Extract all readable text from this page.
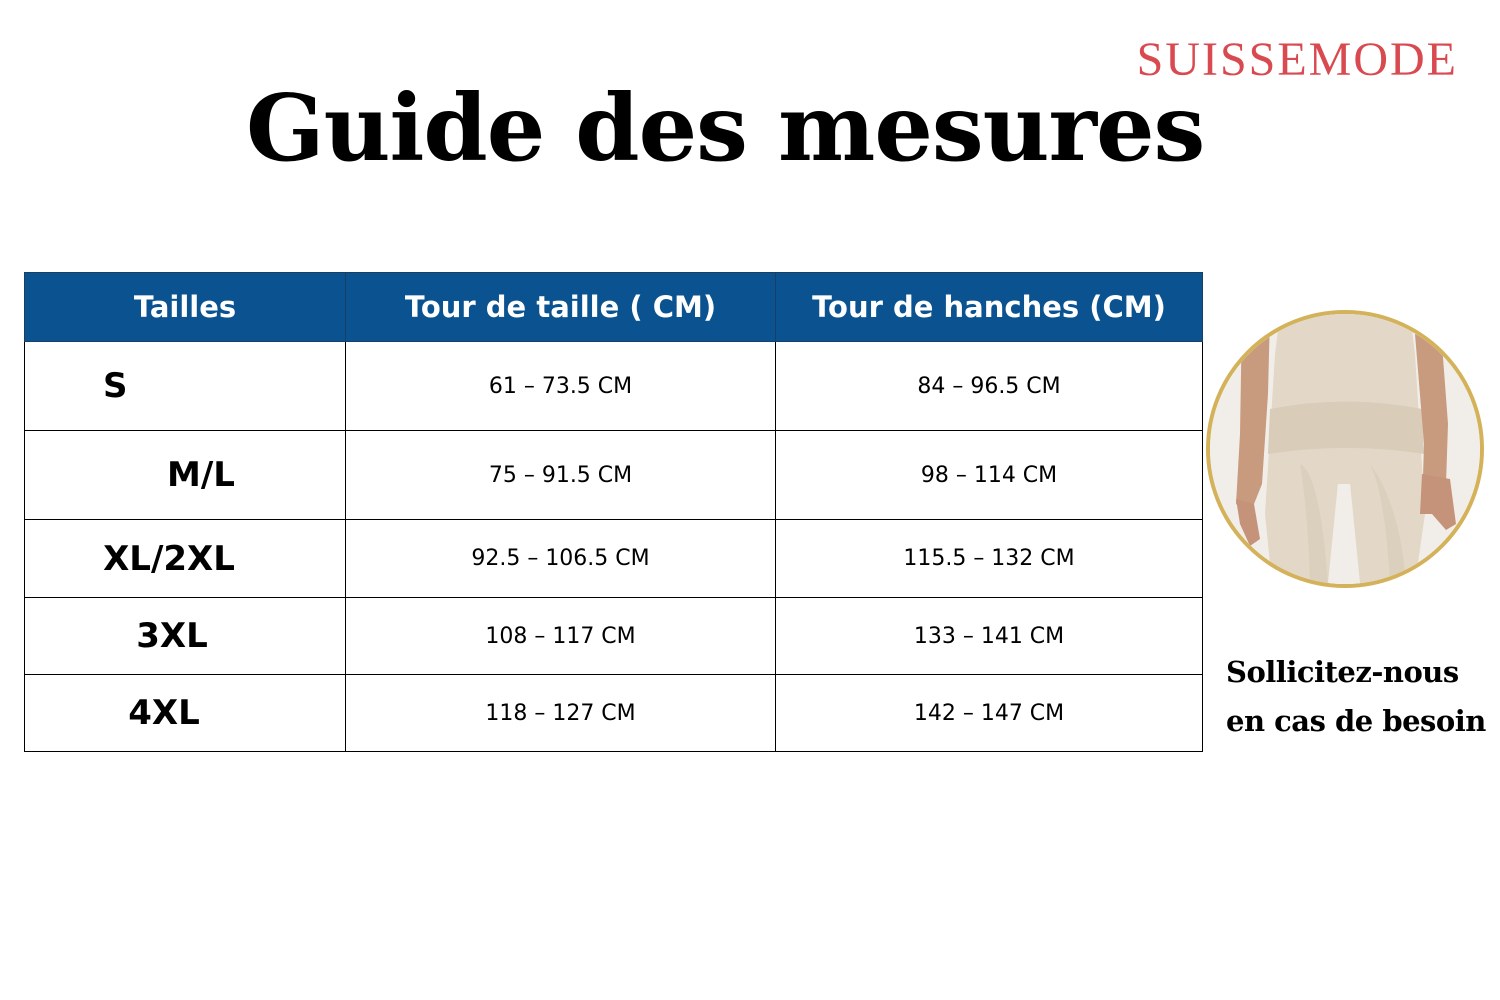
SUISSEMODE
Guide des mesures
Tailles	Tour de taille ( CM)	Tour de hanches (CM)
S	61 – 73.5 CM	84 – 96.5 CM
M/L	75 – 91.5 CM	98 – 114 CM
XL/2XL	92.5 – 106.5 CM	115.5 – 132 CM
3XL	108 – 117 CM	133 – 141 CM
4XL	118 – 127 CM	142 – 147 CM
Sollicitez-nous
en cas de besoin
